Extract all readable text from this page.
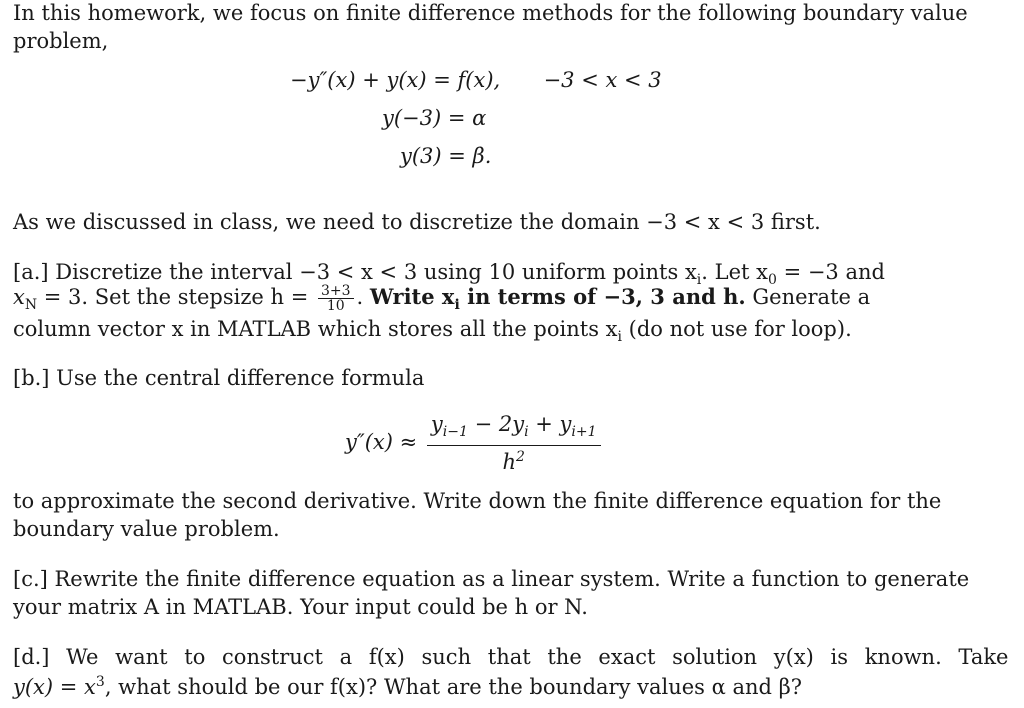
In this homework, we focus on finite difference methods for the following boundary value
problem,
−y″(x) + y(x) = f(x), −3 < x < 3
y(−3) = α
y(3) = β.
As we discussed in class, we need to discretize the domain −3 < x < 3 first.
[a.] Discretize the interval −3 < x < 3 using 10 uniform points $x_i$. Let $x_0 = -3$ and
$x_N = 3$. Set the stepsize $h = \frac{3+3}{10}$ . Write $x_i$ in terms of −3, 3 and h. Generate a
column vector x in MATLAB which stores all the points $x_i$ (do not use for loop).
[b.] Use the central difference formula
$y''(x) \approx \frac{y_{i-1} - 2y_i + y_{i+1}}{h^2}$
to approximate the second derivative. Write down the finite difference equation for the
boundary value problem.
[c.] Rewrite the finite difference equation as a linear system. Write a function to generate
your matrix A in MATLAB. Your input could be h or N.
[d.] We want to construct a f(x) such that the exact solution y(x) is known. Take
$y(x) = x^3$, what should be our f(x)? What are the boundary values α and β?
